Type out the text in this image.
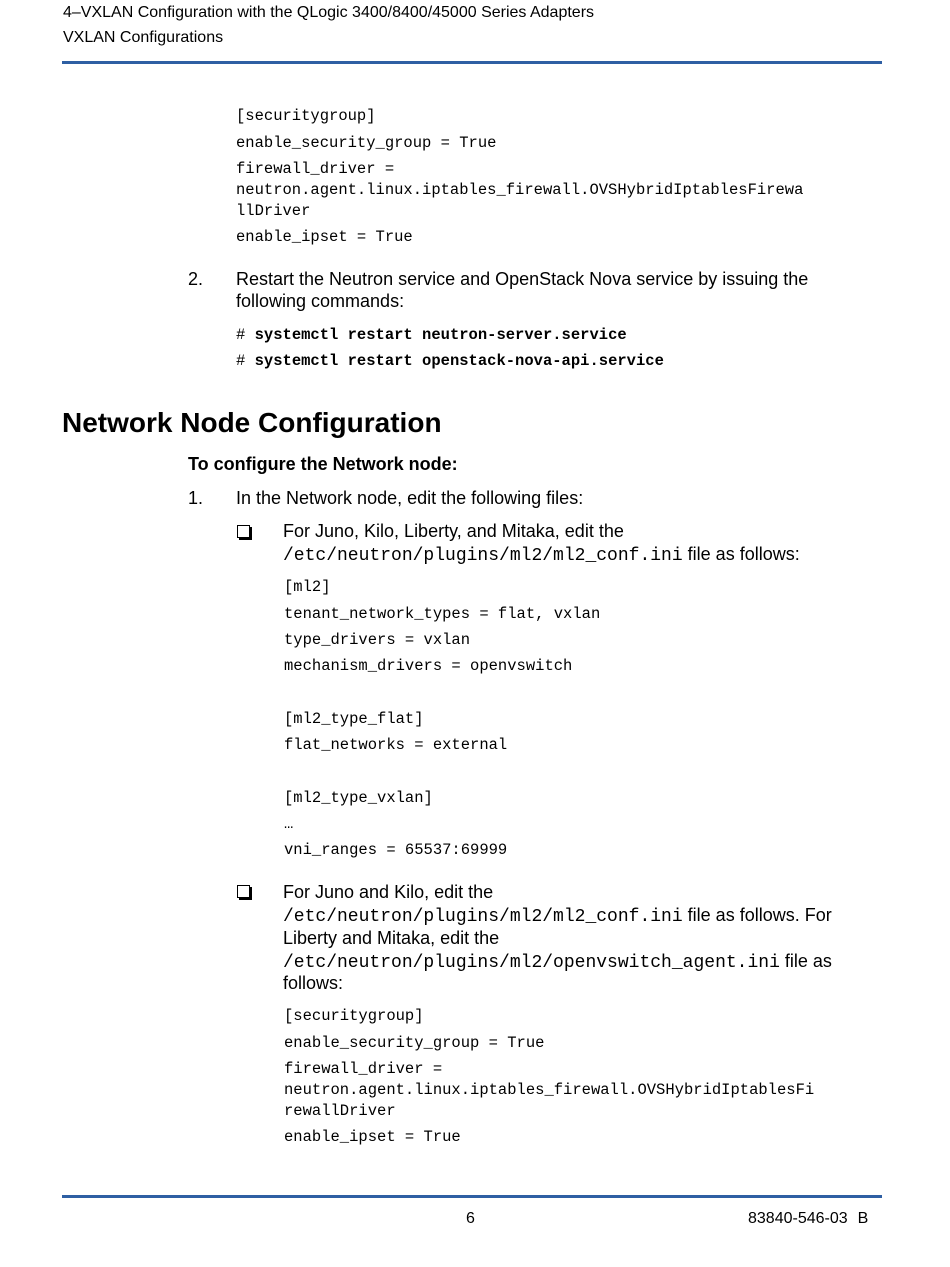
4–VXLAN Configuration with the QLogic 3400/8400/45000 Series Adapters
VXLAN Configurations
[securitygroup]
enable_security_group = True
firewall_driver =
neutron.agent.linux.iptables_firewall.OVSHybridIptablesFirewa
llDriver
enable_ipset = True
2. Restart the Neutron service and OpenStack Nova service by issuing the
following commands:
# systemctl restart neutron-server.service
# systemctl restart openstack-nova-api.service
Network Node Configuration
To configure the Network node:
1. In the Network node, edit the following files:
For Juno, Kilo, Liberty, and Mitaka, edit the
/etc/neutron/plugins/ml2/ml2_conf.ini file as follows:
[ml2]
tenant_network_types = flat, vxlan
type_drivers = vxlan
mechanism_drivers = openvswitch
[ml2_type_flat]
flat_networks = external
[ml2_type_vxlan]
…
vni_ranges = 65537:69999
For Juno and Kilo, edit the
/etc/neutron/plugins/ml2/ml2_conf.ini file as follows. For
Liberty and Mitaka, edit the
/etc/neutron/plugins/ml2/openvswitch_agent.ini file as
follows:
[securitygroup]
enable_security_group = True
firewall_driver =
neutron.agent.linux.iptables_firewall.OVSHybridIptablesFi
rewallDriver
enable_ipset = True
6	83840-546-03 B
